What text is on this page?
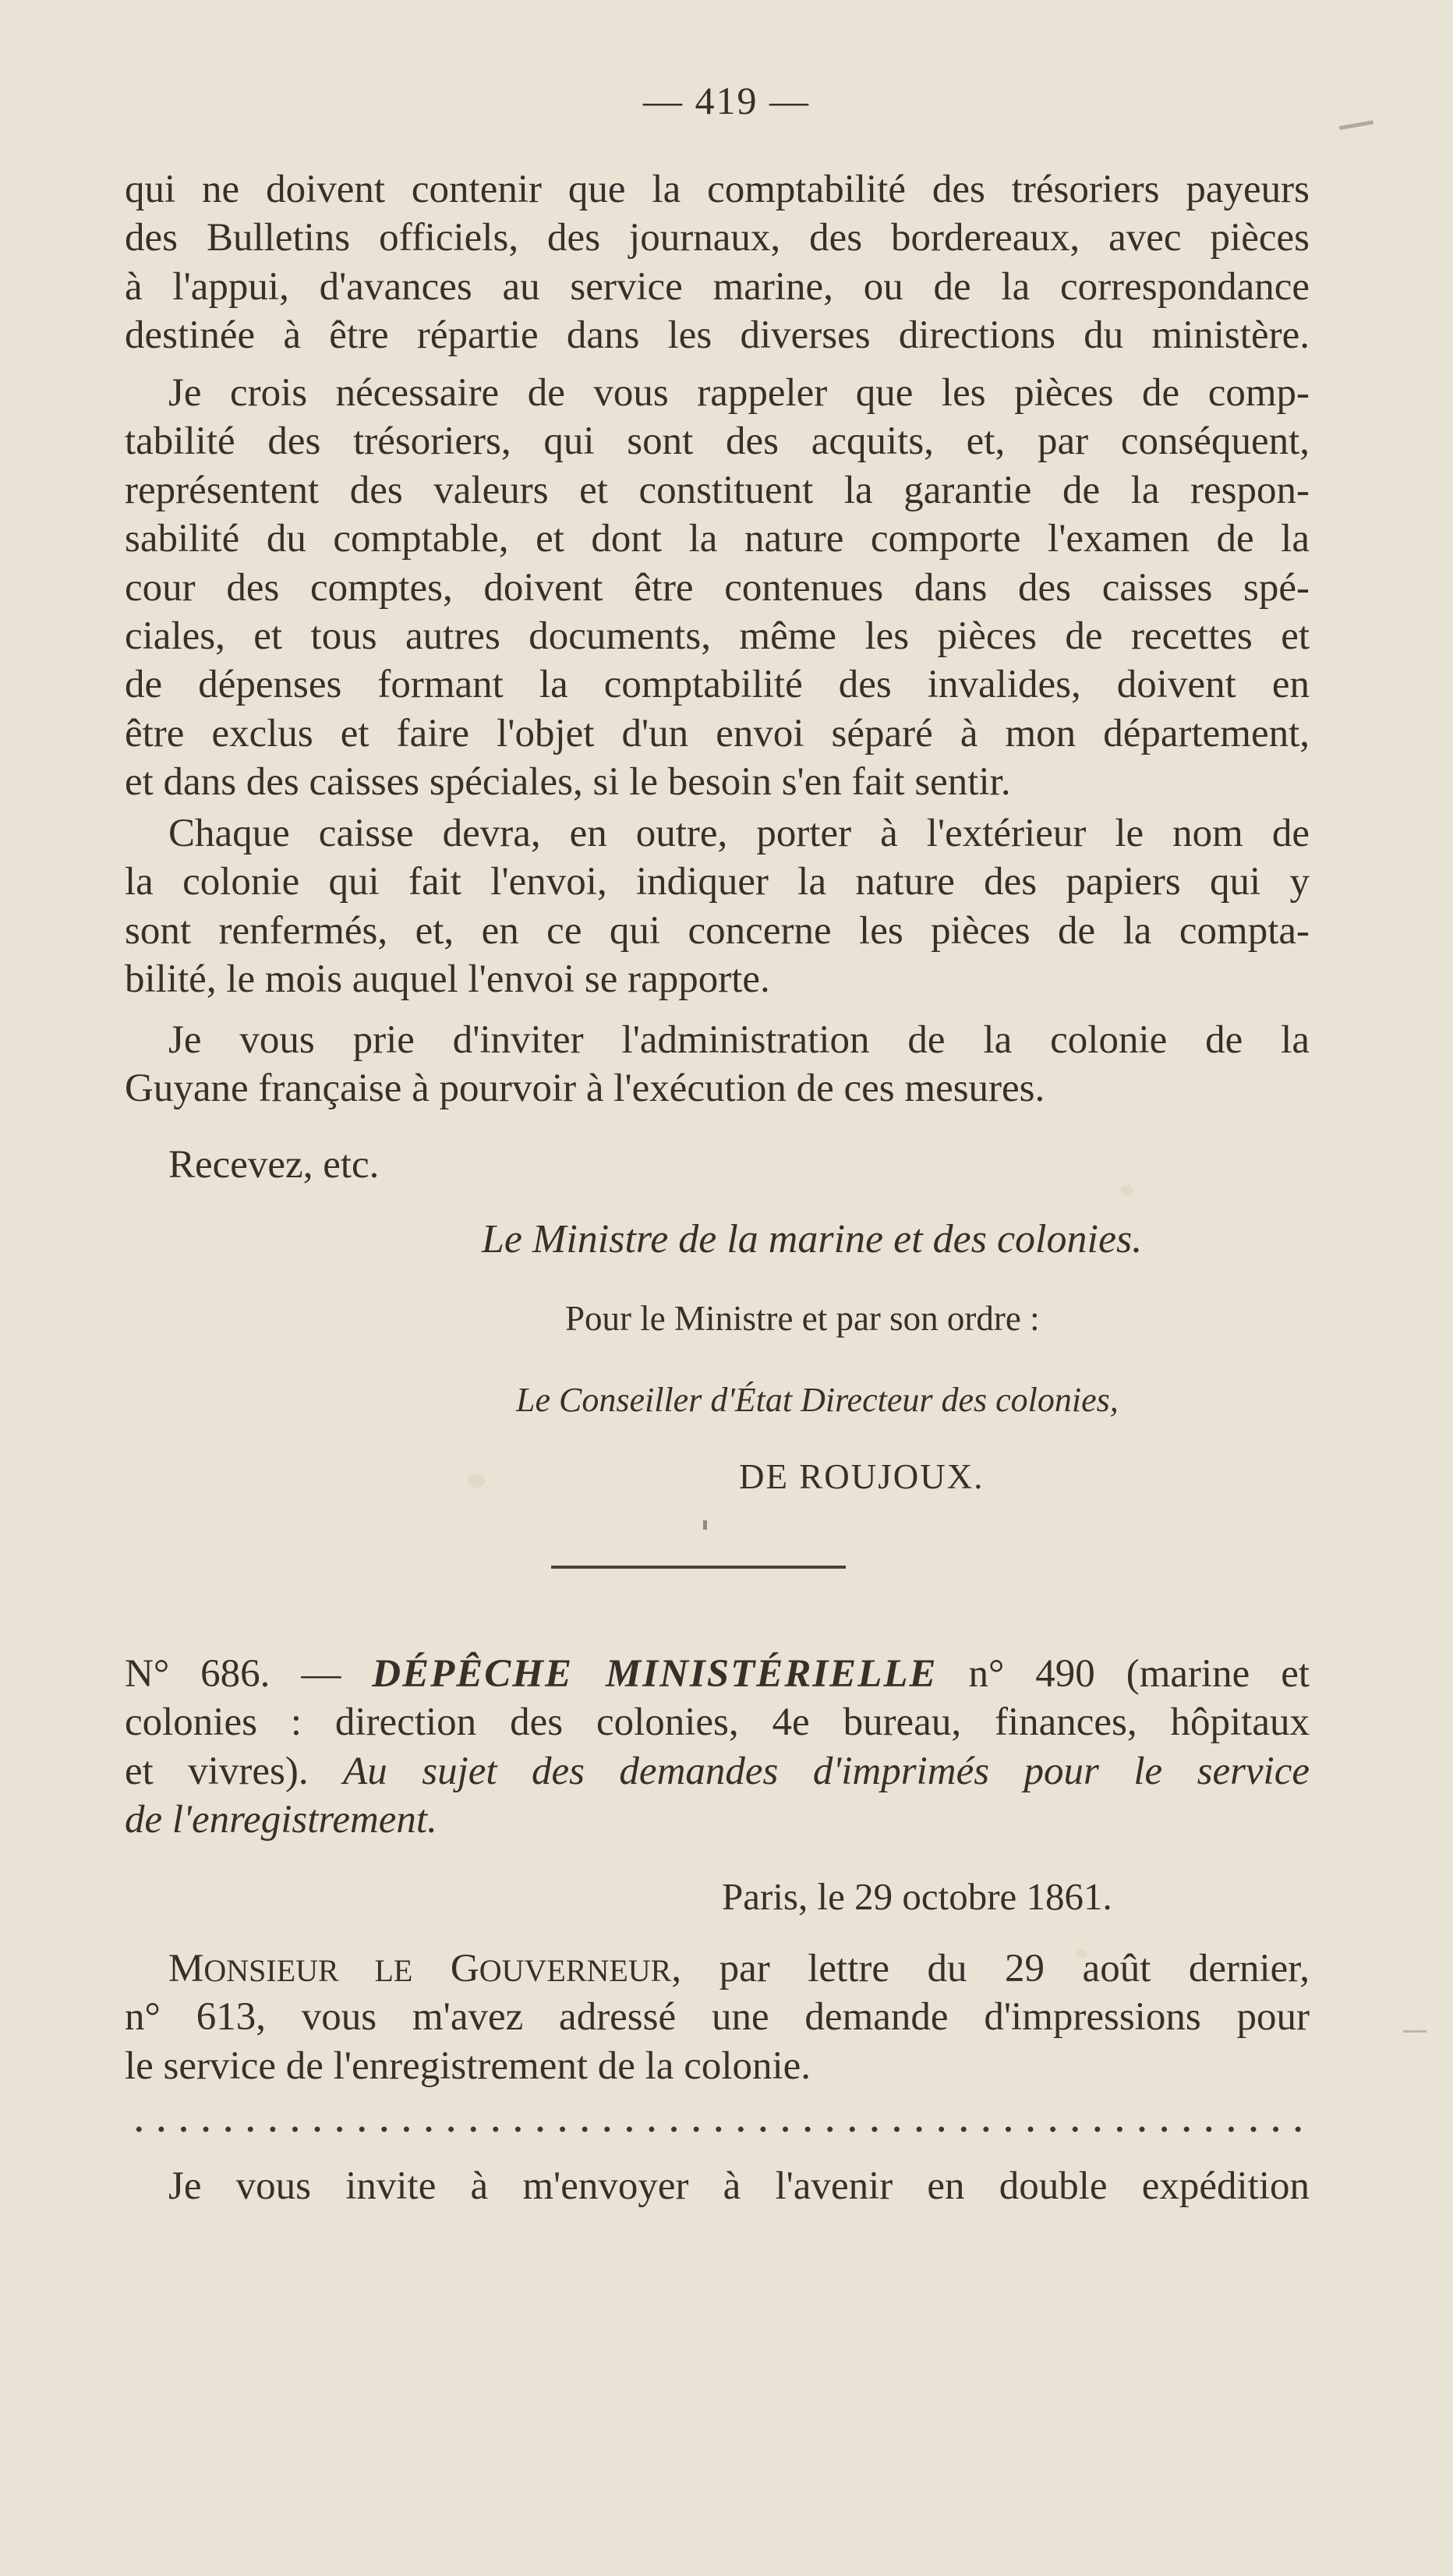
— 419 —
qui ne doivent contenir que la comptabilité des trésoriers payeurs
des Bulletins officiels, des journaux, des bordereaux, avec pièces
à l'appui, d'avances au service marine, ou de la correspondance
destinée à être répartie dans les diverses directions du ministère.
Je crois nécessaire de vous rappeler que les pièces de comp-
tabilité des trésoriers, qui sont des acquits, et, par conséquent,
représentent des valeurs et constituent la garantie de la respon-
sabilité du comptable, et dont la nature comporte l'examen de la
cour des comptes, doivent être contenues dans des caisses spé-
ciales, et tous autres documents, même les pièces de recettes et
de dépenses formant la comptabilité des invalides, doivent en
être exclus et faire l'objet d'un envoi séparé à mon département,
et dans des caisses spéciales, si le besoin s'en fait sentir.
Chaque caisse devra, en outre, porter à l'extérieur le nom de
la colonie qui fait l'envoi, indiquer la nature des papiers qui y
sont renfermés, et, en ce qui concerne les pièces de la compta-
bilité, le mois auquel l'envoi se rapporte.
Je vous prie d'inviter l'administration de la colonie de la
Guyane française à pourvoir à l'exécution de ces mesures.
Recevez, etc.
Le Ministre de la marine et des colonies.
Pour le Ministre et par son ordre :
Le Conseiller d'État Directeur des colonies,
DE ROUJOUX.
N° 686. — DÉPÊCHE MINISTÉRIELLE n° 490 (marine et
colonies : direction des colonies, 4e bureau, finances, hôpitaux
et vivres). Au sujet des demandes d'imprimés pour le service
de l'enregistrement.
Paris, le 29 octobre 1861.
MONSIEUR LE GOUVERNEUR, par lettre du 29 août dernier,
n° 613, vous m'avez adressé une demande d'impressions pour
le service de l'enregistrement de la colonie.
Je vous invite à m'envoyer à l'avenir en double expédition
